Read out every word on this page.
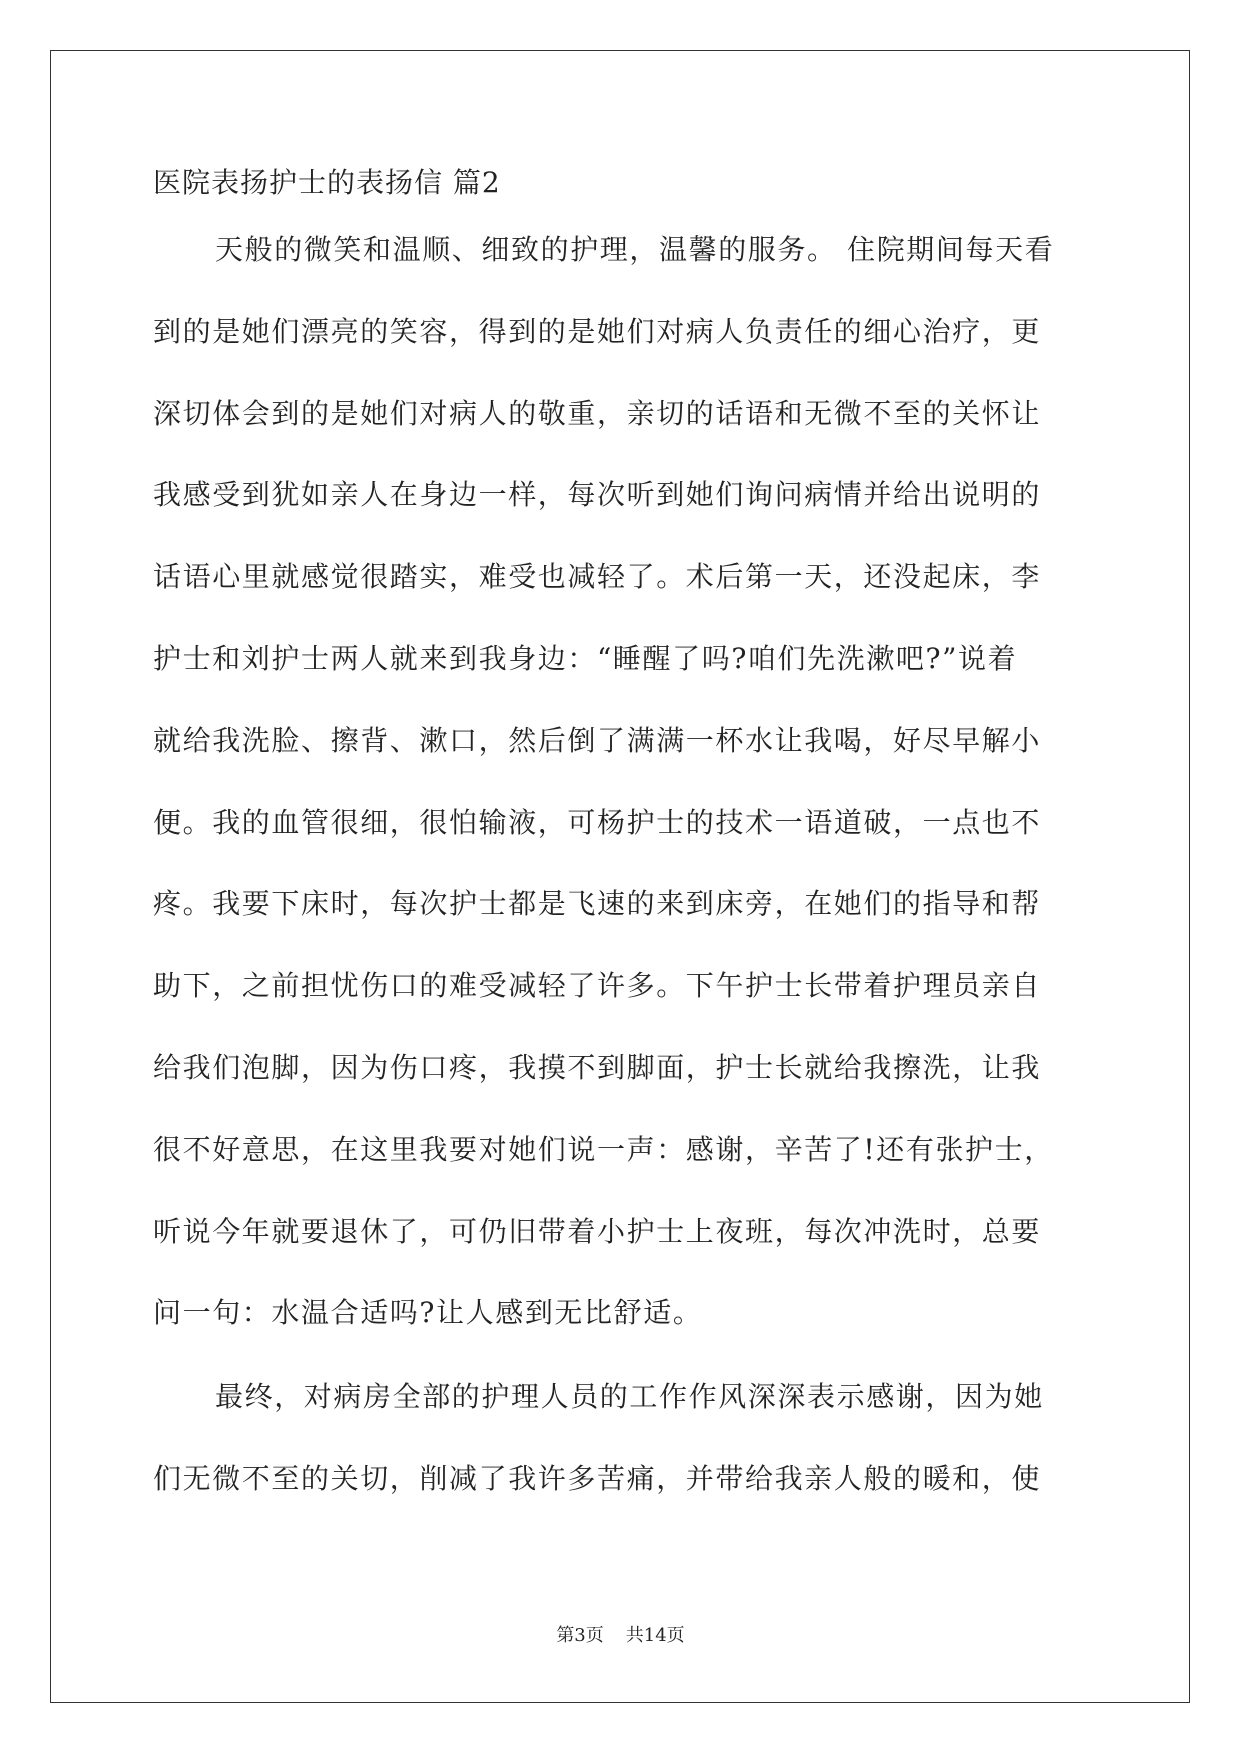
医院表扬护士的表扬信 篇2
天般的微笑和温顺、细致的护理，温馨的服务。 住院期间每天看
到的是她们漂亮的笑容，得到的是她们对病人负责任的细心治疗，更
深切体会到的是她们对病人的敬重，亲切的话语和无微不至的关怀让
我感受到犹如亲人在身边一样，每次听到她们询问病情并给出说明的
话语心里就感觉很踏实，难受也减轻了。术后第一天，还没起床，李
护士和刘护士两人就来到我身边：“睡醒了吗?咱们先洗漱吧?”说着
就给我洗脸、擦背、漱口，然后倒了满满一杯水让我喝，好尽早解小
便。我的血管很细，很怕输液，可杨护士的技术一语道破，一点也不
疼。我要下床时，每次护士都是飞速的来到床旁，在她们的指导和帮
助下，之前担忧伤口的难受减轻了许多。下午护士长带着护理员亲自
给我们泡脚，因为伤口疼，我摸不到脚面，护士长就给我擦洗，让我
很不好意思，在这里我要对她们说一声：感谢，辛苦了!还有张护士，
听说今年就要退休了，可仍旧带着小护士上夜班，每次冲洗时，总要
问一句：水温合适吗?让人感到无比舒适。
最终，对病房全部的护理人员的工作作风深深表示感谢，因为她
们无微不至的关切，削减了我许多苦痛，并带给我亲人般的暖和，使
第3页 共14页
